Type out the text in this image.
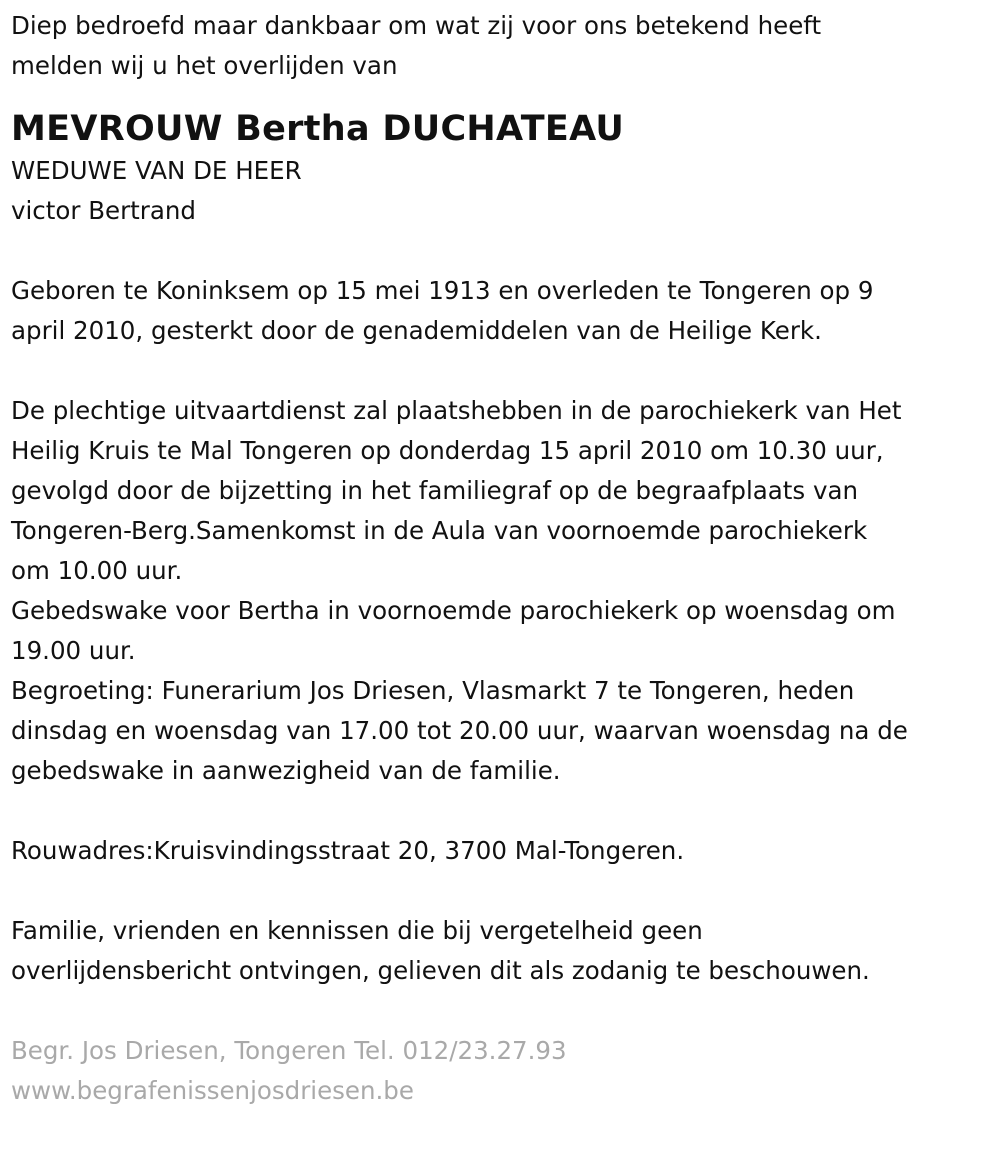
Diep bedroefd maar dankbaar om wat zij voor ons betekend heeft

melden wij u het overlijden van

MEVROUW Bertha DUCHATEAU

WEDUWE VAN DE HEER

victor Bertrand

Geboren te Koninksem op 15 mei 1913 en overleden te Tongeren op 9

april 2010, gesterkt door de genademiddelen van de Heilige Kerk.

De plechtige uitvaartdienst zal plaatshebben in de parochiekerk van Het

Heilig Kruis te Mal Tongeren op donderdag 15 april 2010 om 10.30 uur,

gevolgd door de bijzetting in het familiegraf op de begraafplaats van

Tongeren-Berg.Samenkomst in de Aula van voornoemde parochiekerk

om 10.00 uur.

Gebedswake voor Bertha in voornoemde parochiekerk op woensdag om

19.00 uur.

Begroeting: Funerarium Jos Driesen, Vlasmarkt 7 te Tongeren, heden

dinsdag en woensdag van 17.00 tot 20.00 uur, waarvan woensdag na de

gebedswake in aanwezigheid van de familie.

Rouwadres:Kruisvindingsstraat 20, 3700 Mal-Tongeren.

Familie, vrienden en kennissen die bij vergetelheid geen

overlijdensbericht ontvingen, gelieven dit als zodanig te beschouwen.

Begr. Jos Driesen, Tongeren Tel. 012/23.27.93

www.begrafenissenjosdriesen.be
